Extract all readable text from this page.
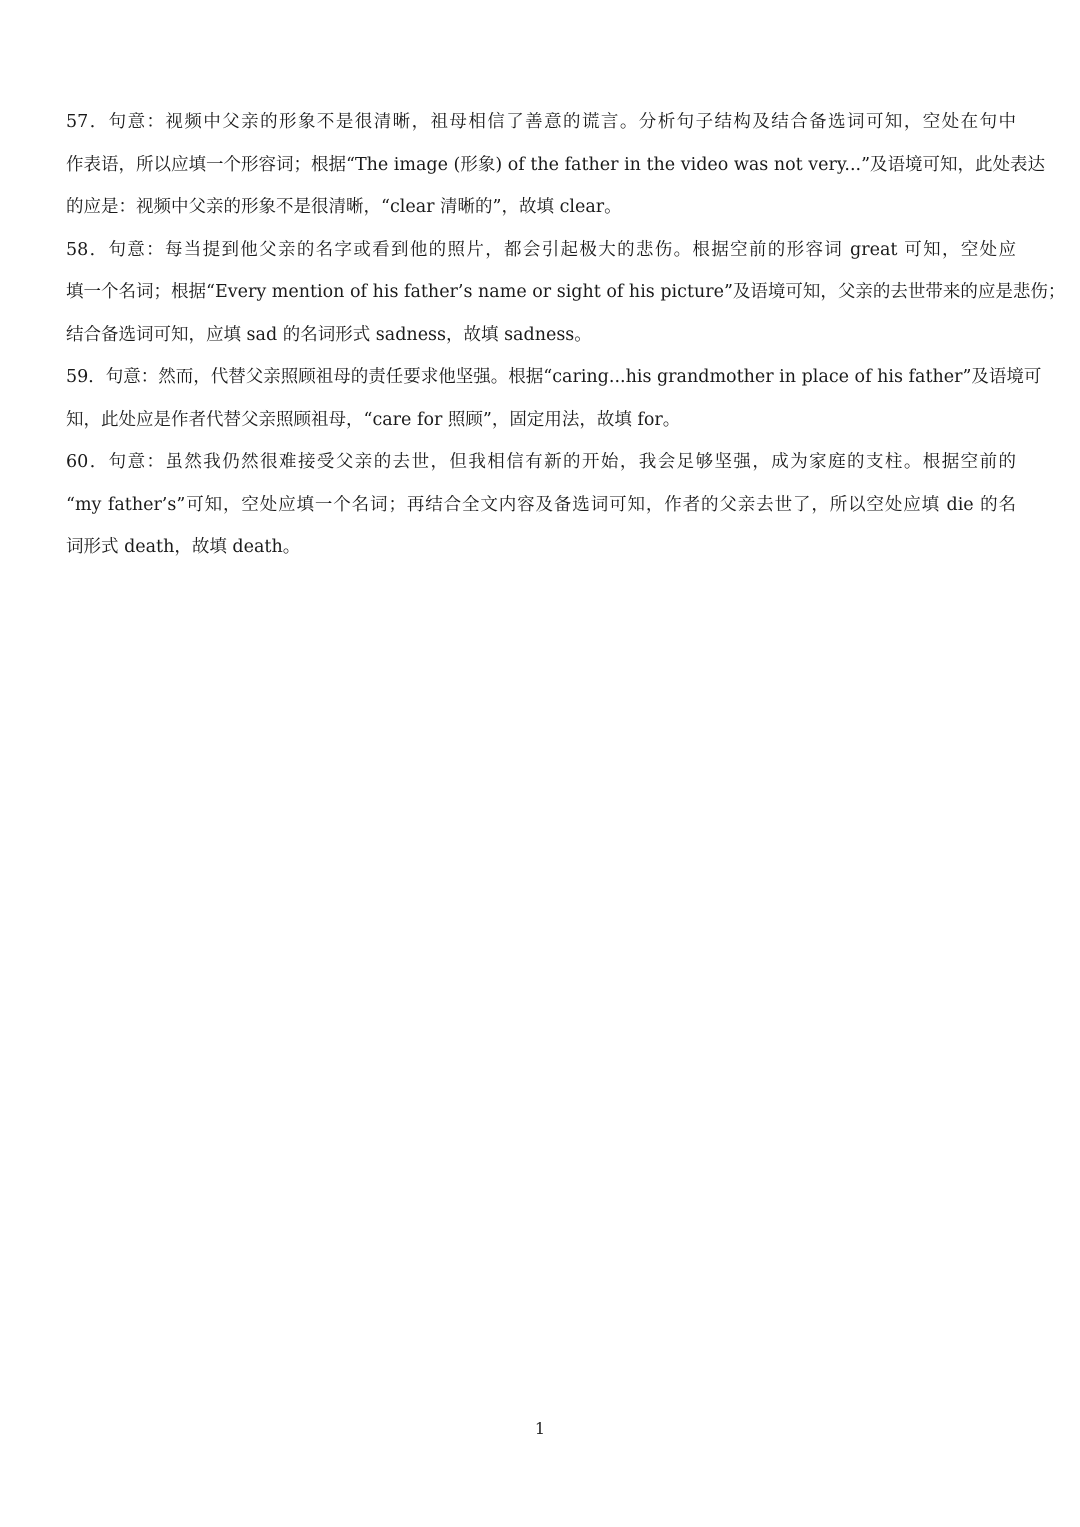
57．句意：视频中父亲的形象不是很清晰，祖母相信了善意的谎言。分析句子结构及结合备选词可知，空处在句中
作表语，所以应填一个形容词；根据“The image (形象) of the father in the video was not very...”及语境可知，此处表达
的应是：视频中父亲的形象不是很清晰，“clear 清晰的”，故填 clear。
58．句意：每当提到他父亲的名字或看到他的照片，都会引起极大的悲伤。根据空前的形容词 great 可知，空处应
填一个名词；根据“Every mention of his father’s name or sight of his picture”及语境可知，父亲的去世带来的应是悲伤；
结合备选词可知，应填 sad 的名词形式 sadness，故填 sadness。
59．句意：然而，代替父亲照顾祖母的责任要求他坚强。根据“caring...his grandmother in place of his father”及语境可
知，此处应是作者代替父亲照顾祖母，“care for 照顾”，固定用法，故填 for。
60．句意：虽然我仍然很难接受父亲的去世，但我相信有新的开始，我会足够坚强，成为家庭的支柱。根据空前的
“my father’s”可知，空处应填一个名词；再结合全文内容及备选词可知，作者的父亲去世了，所以空处应填 die 的名
词形式 death，故填 death。
1
